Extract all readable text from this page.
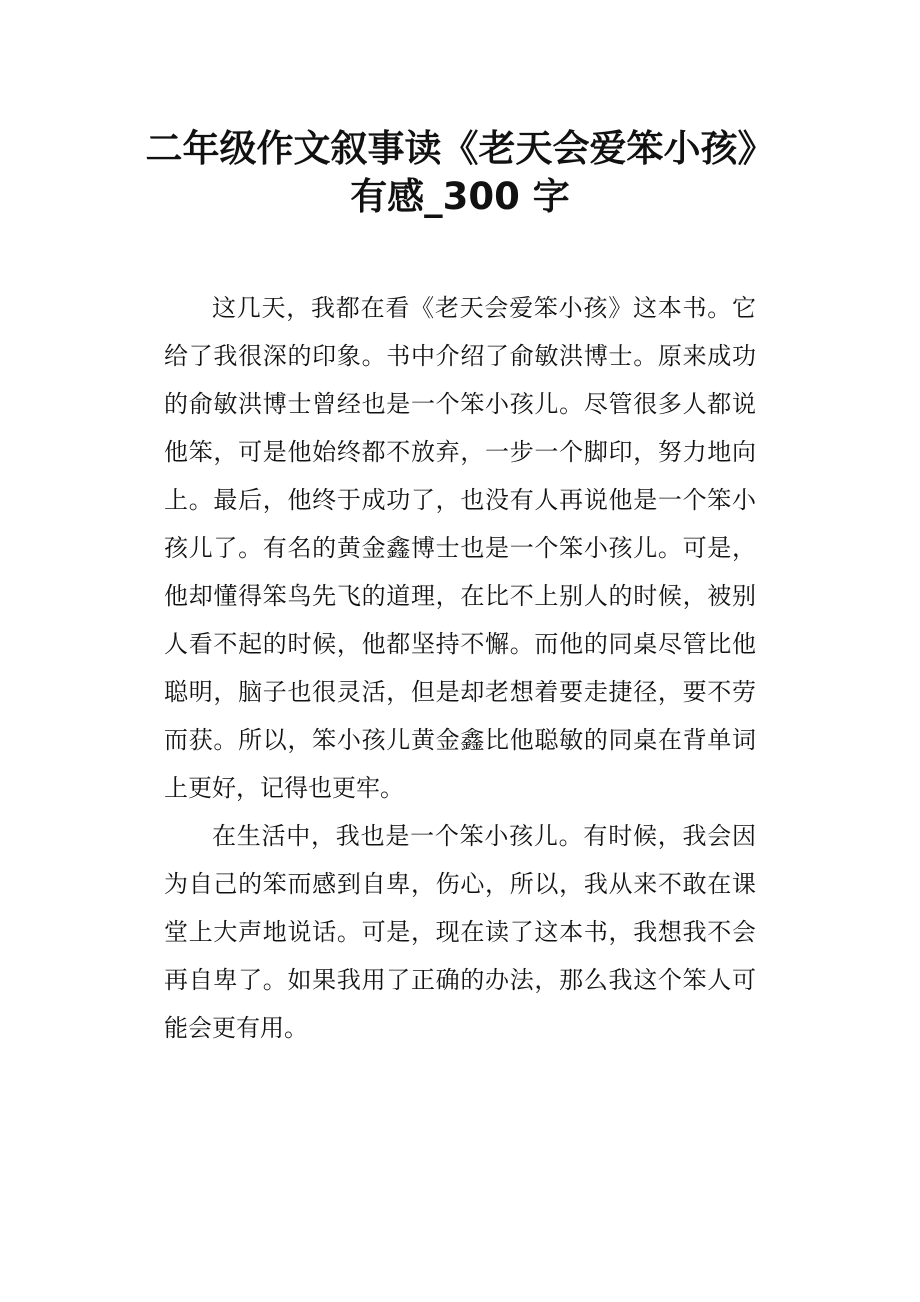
二年级作文叙事读《老天会爱笨小孩》
有感_300 字

这几天，我都在看《老天会爱笨小孩》这本书。它给了我很深的印象。书中介绍了俞敏洪博士。原来成功的俞敏洪博士曾经也是一个笨小孩儿。尽管很多人都说他笨，可是他始终都不放弃，一步一个脚印，努力地向上。最后，他终于成功了，也没有人再说他是一个笨小孩儿了。有名的黄金鑫博士也是一个笨小孩儿。可是，他却懂得笨鸟先飞的道理，在比不上别人的时候，被别人看不起的时候，他都坚持不懈。而他的同桌尽管比他聪明，脑子也很灵活，但是却老想着要走捷径，要不劳而获。所以，笨小孩儿黄金鑫比他聪敏的同桌在背单词上更好，记得也更牢。

在生活中，我也是一个笨小孩儿。有时候，我会因为自己的笨而感到自卑，伤心，所以，我从来不敢在课堂上大声地说话。可是，现在读了这本书，我想我不会再自卑了。如果我用了正确的办法，那么我这个笨人可能会更有用。
